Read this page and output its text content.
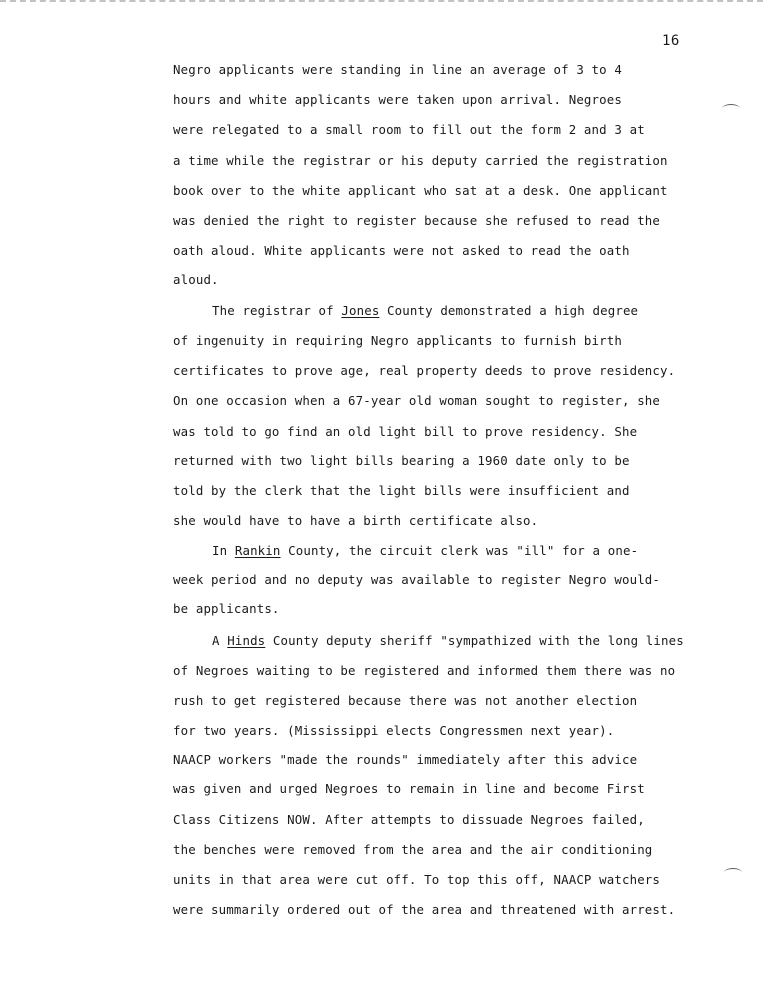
16
Negro applicants were standing in line an average of 3 to 4
hours and white applicants were taken upon arrival. Negroes
were relegated to a small room to fill out the form 2 and 3 at
a time while the registrar or his deputy carried the registration
book over to the white applicant who sat at a desk. One applicant
was denied the right to register because she refused to read the
oath aloud. White applicants were not asked to read the oath
aloud.
The registrar of Jones County demonstrated a high degree
of ingenuity in requiring Negro applicants to furnish birth
certificates to prove age, real property deeds to prove residency.
On one occasion when a 67-year old woman sought to register, she
was told to go find an old light bill to prove residency. She
returned with two light bills bearing a 1960 date only to be
told by the clerk that the light bills were insufficient and
she would have to have a birth certificate also.
In Rankin County, the circuit clerk was "ill" for a one-
week period and no deputy was available to register Negro would-
be applicants.
A Hinds County deputy sheriff "sympathized with the long lines
of Negroes waiting to be registered and informed them there was no
rush to get registered because there was not another election
for two years. (Mississippi elects Congressmen next year).
NAACP workers "made the rounds" immediately after this advice
was given and urged Negroes to remain in line and become First
Class Citizens NOW. After attempts to dissuade Negroes failed,
the benches were removed from the area and the air conditioning
units in that area were cut off. To top this off, NAACP watchers
were summarily ordered out of the area and threatened with arrest.
